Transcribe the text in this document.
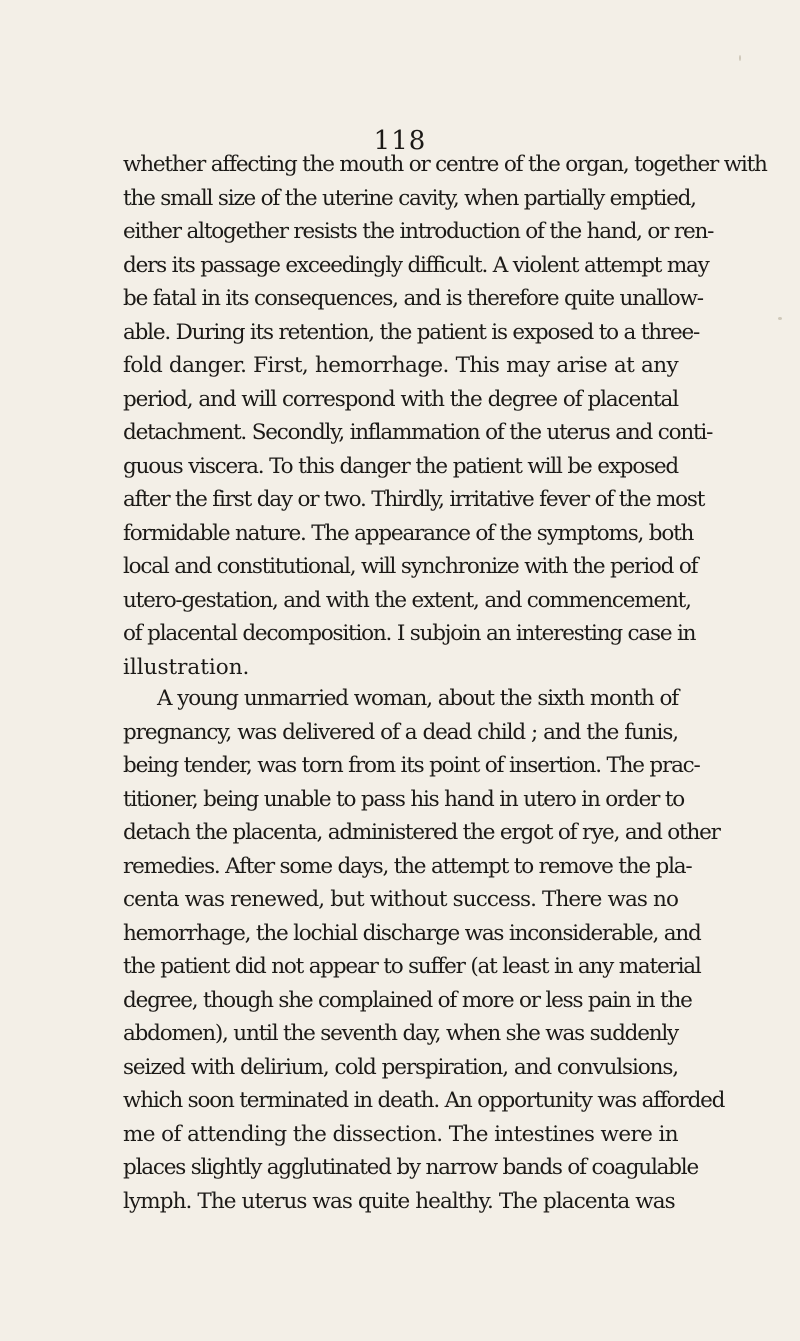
118
whether affecting the mouth or centre of the organ, together with
the small size of the uterine cavity, when partially emptied,
either altogether resists the introduction of the hand, or ren-
ders its passage exceedingly difficult. A violent attempt may
be fatal in its consequences, and is therefore quite unallow-
able. During its retention, the patient is exposed to a three-
fold danger. First, hemorrhage. This may arise at any
period, and will correspond with the degree of placental
detachment. Secondly, inflammation of the uterus and conti-
guous viscera. To this danger the patient will be exposed
after the first day or two. Thirdly, irritative fever of the most
formidable nature. The appearance of the symptoms, both
local and constitutional, will synchronize with the period of
utero-gestation, and with the extent, and commencement,
of placental decomposition. I subjoin an interesting case in
illustration.
A young unmarried woman, about the sixth month of
pregnancy, was delivered of a dead child ; and the funis,
being tender, was torn from its point of insertion. The prac-
titioner, being unable to pass his hand in utero in order to
detach the placenta, administered the ergot of rye, and other
remedies. After some days, the attempt to remove the pla-
centa was renewed, but without success. There was no
hemorrhage, the lochial discharge was inconsiderable, and
the patient did not appear to suffer (at least in any material
degree, though she complained of more or less pain in the
abdomen), until the seventh day, when she was suddenly
seized with delirium, cold perspiration, and convulsions,
which soon terminated in death. An opportunity was afforded
me of attending the dissection. The intestines were in
places slightly agglutinated by narrow bands of coagulable
lymph. The uterus was quite healthy. The placenta was
